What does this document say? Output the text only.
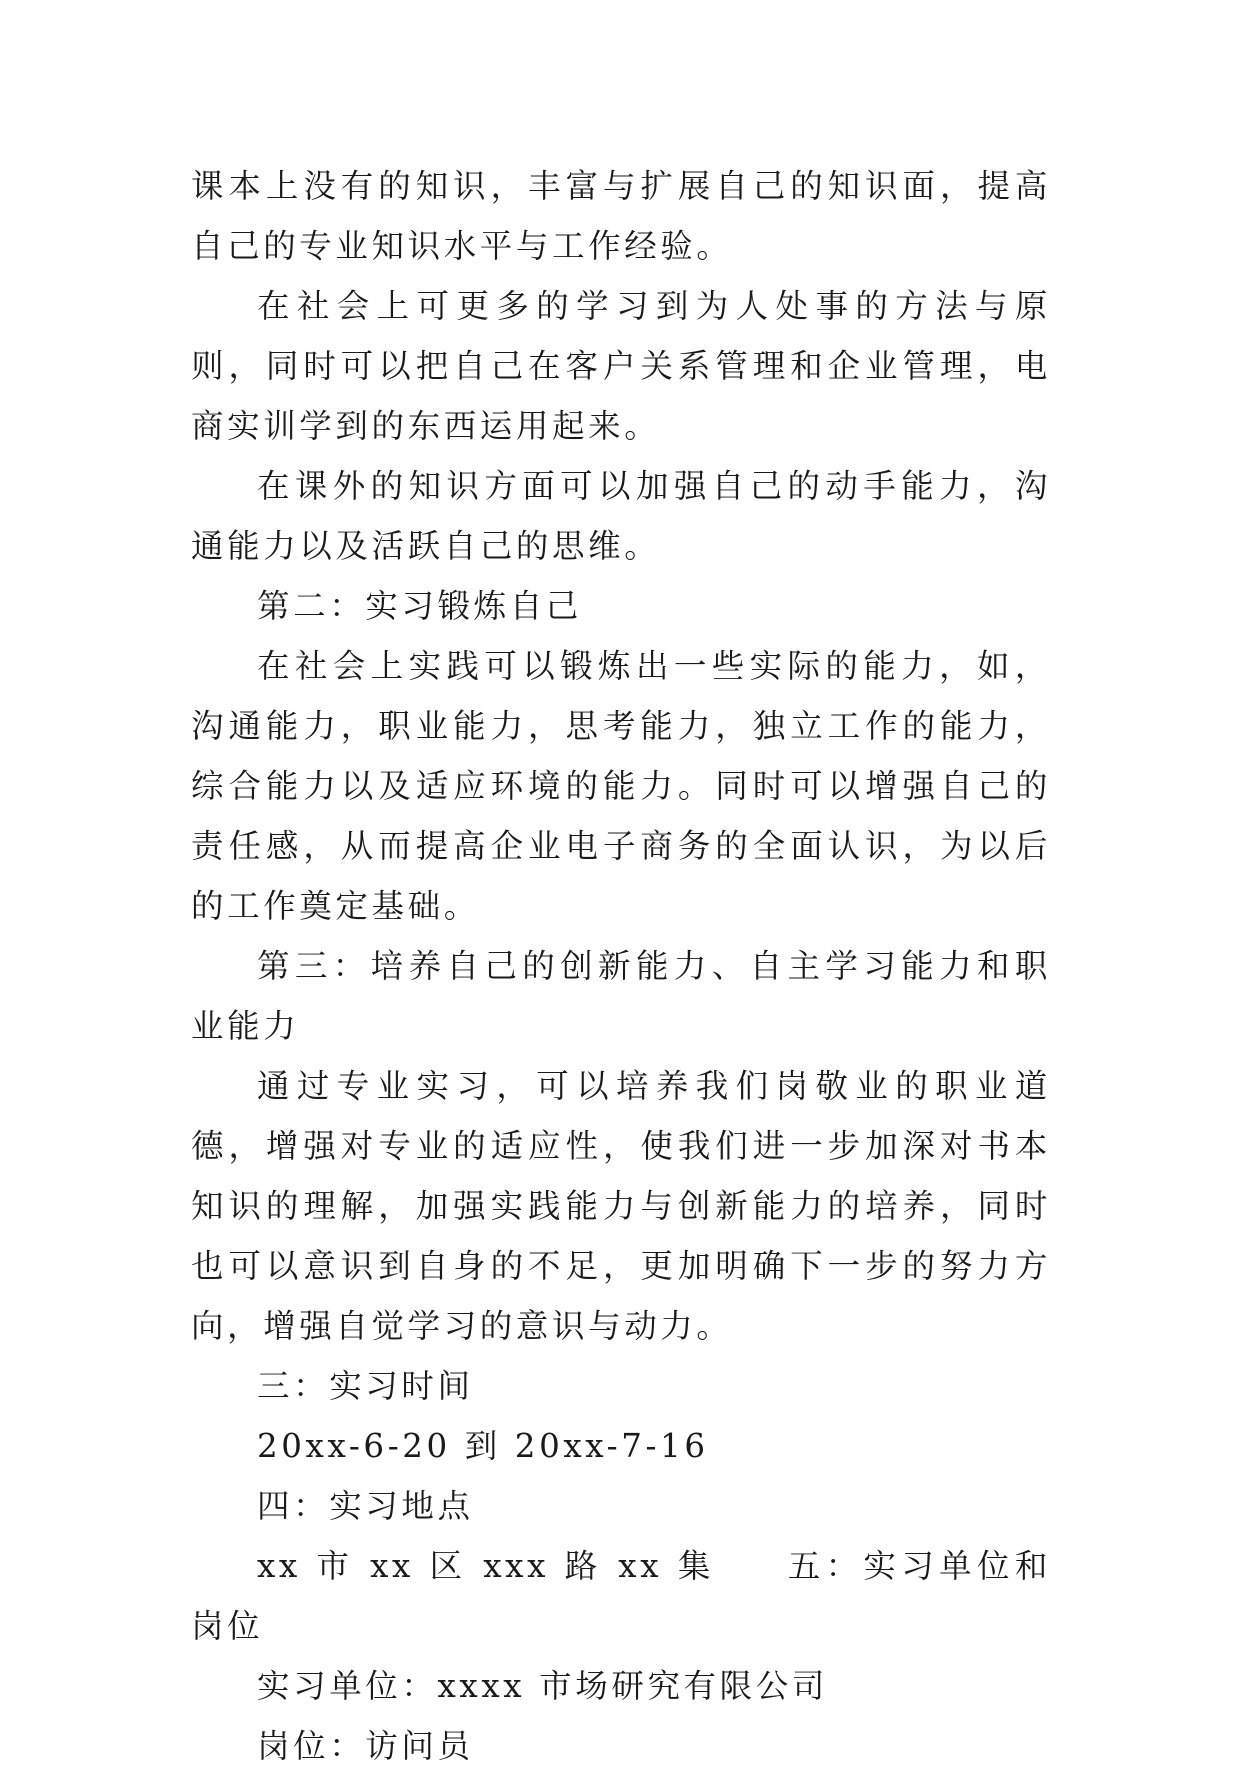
课本上没有的知识，丰富与扩展自己的知识面，提高自己的专业知识水平与工作经验。

在社会上可更多的学习到为人处事的方法与原则，同时可以把自己在客户关系管理和企业管理，电商实训学到的东西运用起来。

在课外的知识方面可以加强自己的动手能力，沟通能力以及活跃自己的思维。

第二：实习锻炼自己

在社会上实践可以锻炼出一些实际的能力，如，沟通能力，职业能力，思考能力，独立工作的能力，综合能力以及适应环境的能力。同时可以增强自己的责任感，从而提高企业电子商务的全面认识，为以后的工作奠定基础。

第三：培养自己的创新能力、自主学习能力和职业能力

通过专业实习，可以培养我们岗敬业的职业道德，增强对专业的适应性，使我们进一步加深对书本知识的理解，加强实践能力与创新能力的培养，同时也可以意识到自身的不足，更加明确下一步的努力方向，增强自觉学习的意识与动力。

三：实习时间

20xx-6-20 到 20xx-7-16

四：实习地点

xx 市 xx 区 xxx 路 xx 集 五：实习单位和岗位

实习单位：xxxx 市场研究有限公司

岗位：访问员
